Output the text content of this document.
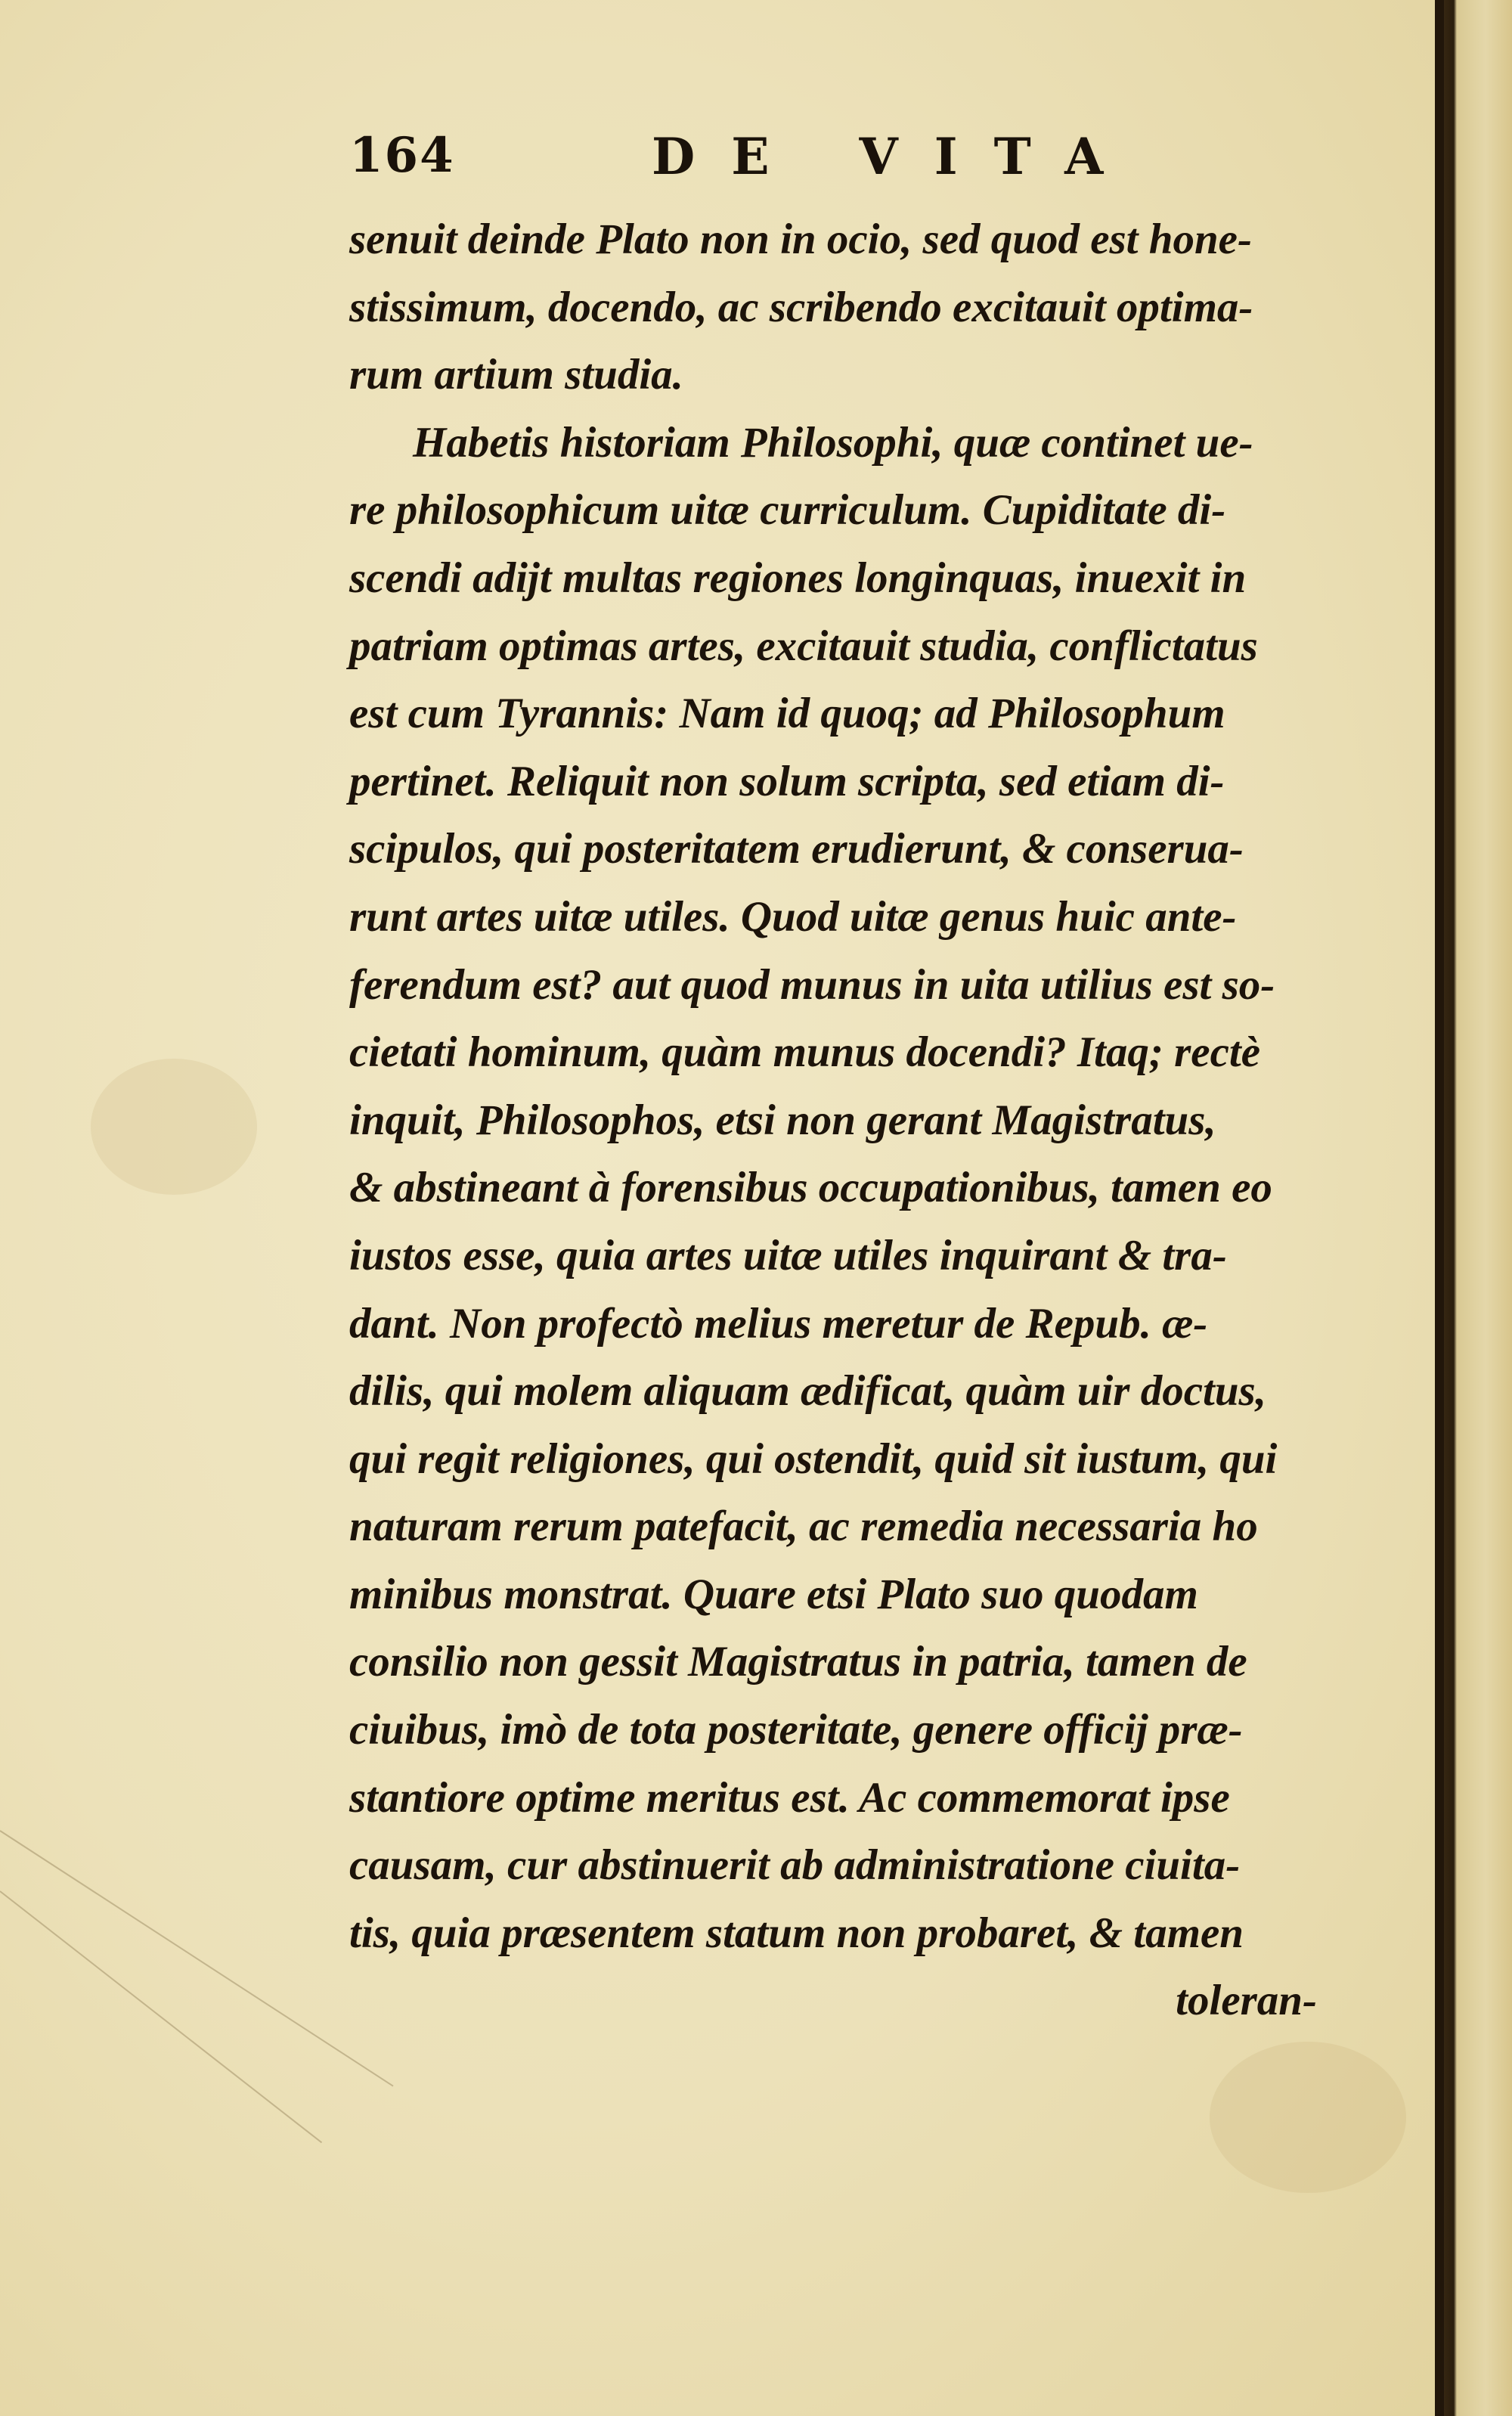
164	DE VITA
senuit deinde Plato non in ocio, sed quod est hone-
stissimum, docendo, ac scribendo excitauit optima-
rum artium studia.
Habetis historiam Philosophi, quæ continet ue-
re philosophicum uitæ curriculum. Cupiditate di-
scendi adijt multas regiones longinquas, inuexit in
patriam optimas artes, excitauit studia, conflictatus
est cum Tyrannis: Nam id quoq; ad Philosophum
pertinet. Reliquit non solum scripta, sed etiam di-
scipulos, qui posteritatem erudierunt, & conserua-
runt artes uitæ utiles. Quod uitæ genus huic ante-
ferendum est? aut quod munus in uita utilius est so-
cietati hominum, quàm munus docendi? Itaq; rectè
inquit, Philosophos, etsi non gerant Magistratus,
& abstineant à forensibus occupationibus, tamen eo
iustos esse, quia artes uitæ utiles inquirant & tra-
dant. Non profectò melius meretur de Repub. æ-
dilis, qui molem aliquam ædificat, quàm uir doctus,
qui regit religiones, qui ostendit, quid sit iustum, qui
naturam rerum patefacit, ac remedia necessaria ho
minibus monstrat. Quare etsi Plato suo quodam
consilio non gessit Magistratus in patria, tamen de
ciuibus, imò de tota posteritate, genere officij præ-
stantiore optime meritus est. Ac commemorat ipse
causam, cur abstinuerit ab administratione ciuita-
tis, quia præsentem statum non probaret, & tamen
toleran-
